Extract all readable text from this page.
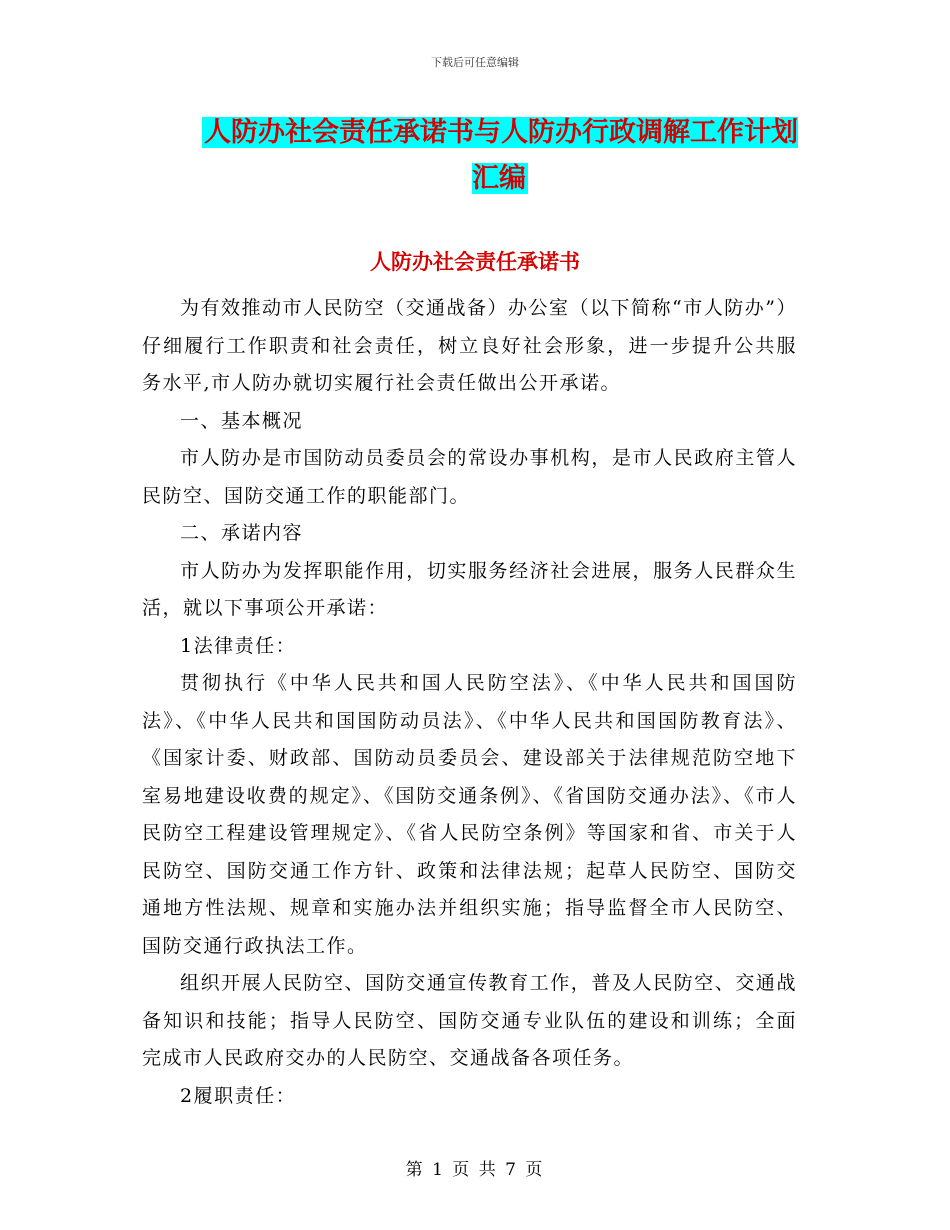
下载后可任意编辑
人防办社会责任承诺书与人防办行政调解工作计划汇编
人防办社会责任承诺书

为有效推动市人民防空（交通战备）办公室（以下简称“市人防办”）仔细履行工作职责和社会责任，树立良好社会形象，进一步提升公共服务水平,市人防办就切实履行社会责任做出公开承诺。

一、基本概况

市人防办是市国防动员委员会的常设办事机构，是市人民政府主管人民防空、国防交通工作的职能部门。

二、承诺内容

市人防办为发挥职能作用，切实服务经济社会进展，服务人民群众生活，就以下事项公开承诺：

1法律责任：

贯彻执行《中华人民共和国人民防空法》、《中华人民共和国国防法》、《中华人民共和国国防动员法》、《中华人民共和国国防教育法》、《国家计委、财政部、国防动员委员会、建设部关于法律规范防空地下室易地建设收费的规定》、《国防交通条例》、《省国防交通办法》、《市人民防空工程建设管理规定》、《省人民防空条例》等国家和省、市关于人民防空、国防交通工作方针、政策和法律法规；起草人民防空、国防交通地方性法规、规章和实施办法并组织实施；指导监督全市人民防空、国防交通行政执法工作。

组织开展人民防空、国防交通宣传教育工作，普及人民防空、交通战备知识和技能；指导人民防空、国防交通专业队伍的建设和训练；全面完成市人民政府交办的人民防空、交通战备各项任务。

2履职责任：

第 1 页 共 7 页
